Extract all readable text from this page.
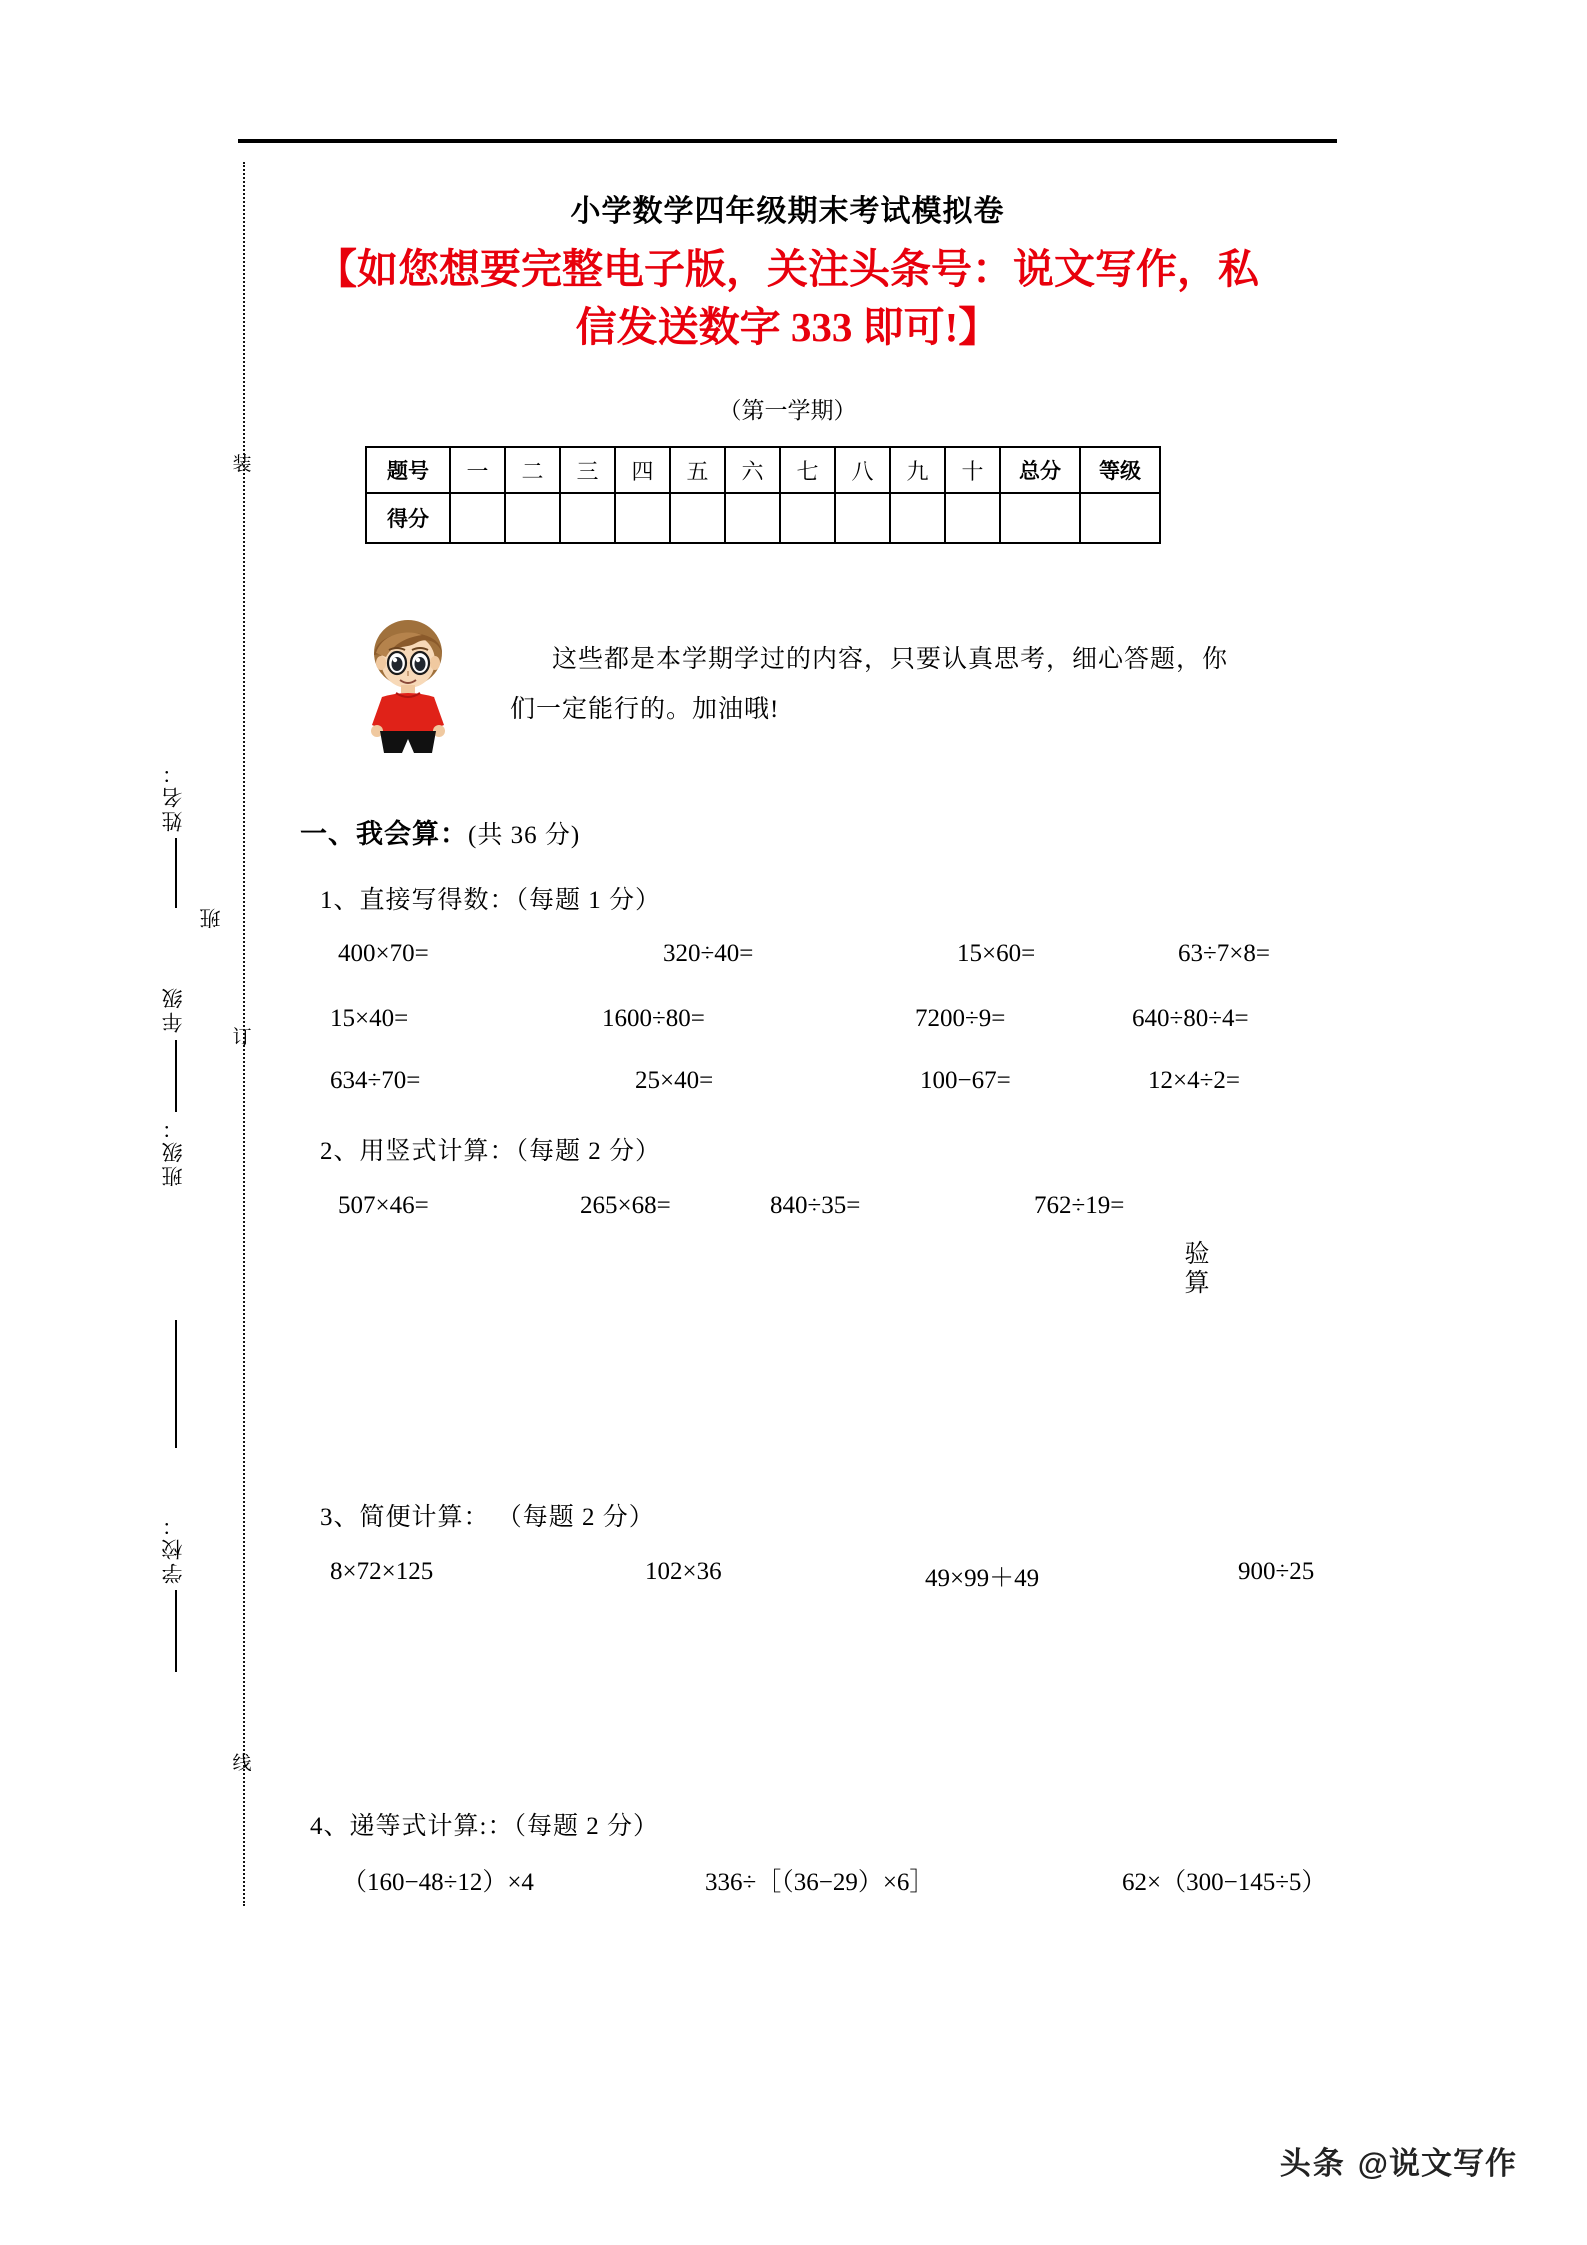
装
订
线
姓名：
班
年级
班级：
学校：
小学数学四年级期末考试模拟卷
【如您想要完整电子版，关注头条号：说文写作，私
信发送数字 333 即可!】
（第一学期）
题号	一	二	三	四	五	六	七	八	九	十	总分	等级
得分												
这些都是本学期学过的内容，只要认真思考，细心答题，你
们一定能行的。加油哦!
一、我会算：(共 36 分)
1、直接写得数：（每题 1 分）
400×70=	320÷40=	15×60=	63÷7×8=
15×40=	1600÷80=	7200÷9=	640÷80÷4=
634÷70=	25×40=	100−67=	12×4÷2=
2、用竖式计算：（每题 2 分）
507×46=	265×68=	840÷35=	762÷19=
验算
3、简便计算： （每题 2 分）
8×72×125	102×36	49×99＋49	900÷25
4、递等式计算:：（每题 2 分）
（160−48÷12）×4	336÷［（36−29）×6］	62×（300−145÷5）
头条 @说文写作
